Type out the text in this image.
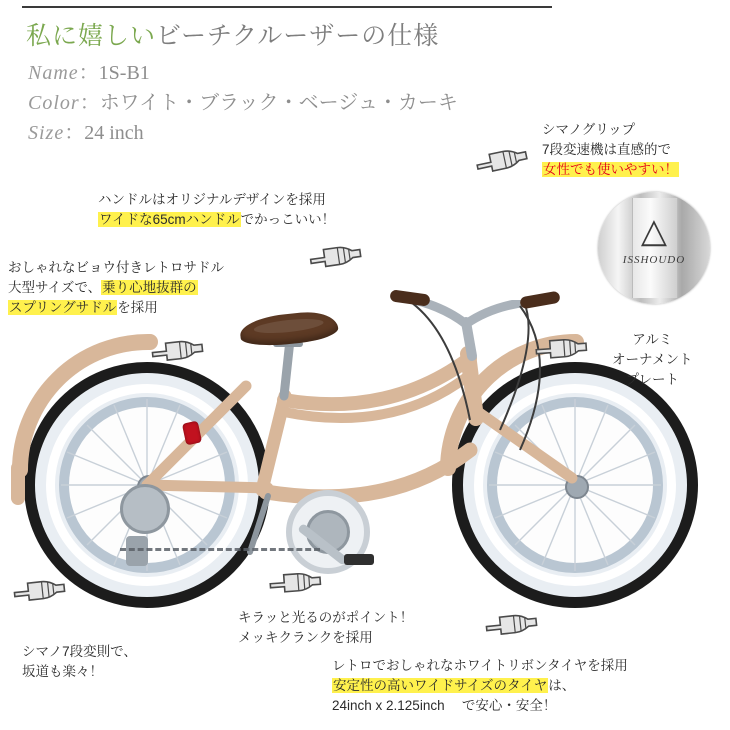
私に嬉しいビーチクルーザーの仕様
Name：1S-B1
Color：ホワイト・ブラック・ベージュ・カーキ
Size：24 inch
△
ISSHOUDO
ハンドルはオリジナルデザインを採用
ワイドな65cmハンドルでかっこいい！
おしゃれなビョウ付きレトロサドル
大型サイズで、乗り心地抜群の
スプリングサドルを採用
シマノグリップ
7段変速機は直感的で
女性でも使いやすい！
アルミ
オーナメント
プレート
キラッと光るのがポイント！
メッキクランクを採用
シマノ7段変則で、
坂道も楽々！	レトロでおしゃれなホワイトリボンタイヤを採用
安定性の高いワイドサイズのタイヤは、
24inch x 2.125inch 　で安心・安全！
